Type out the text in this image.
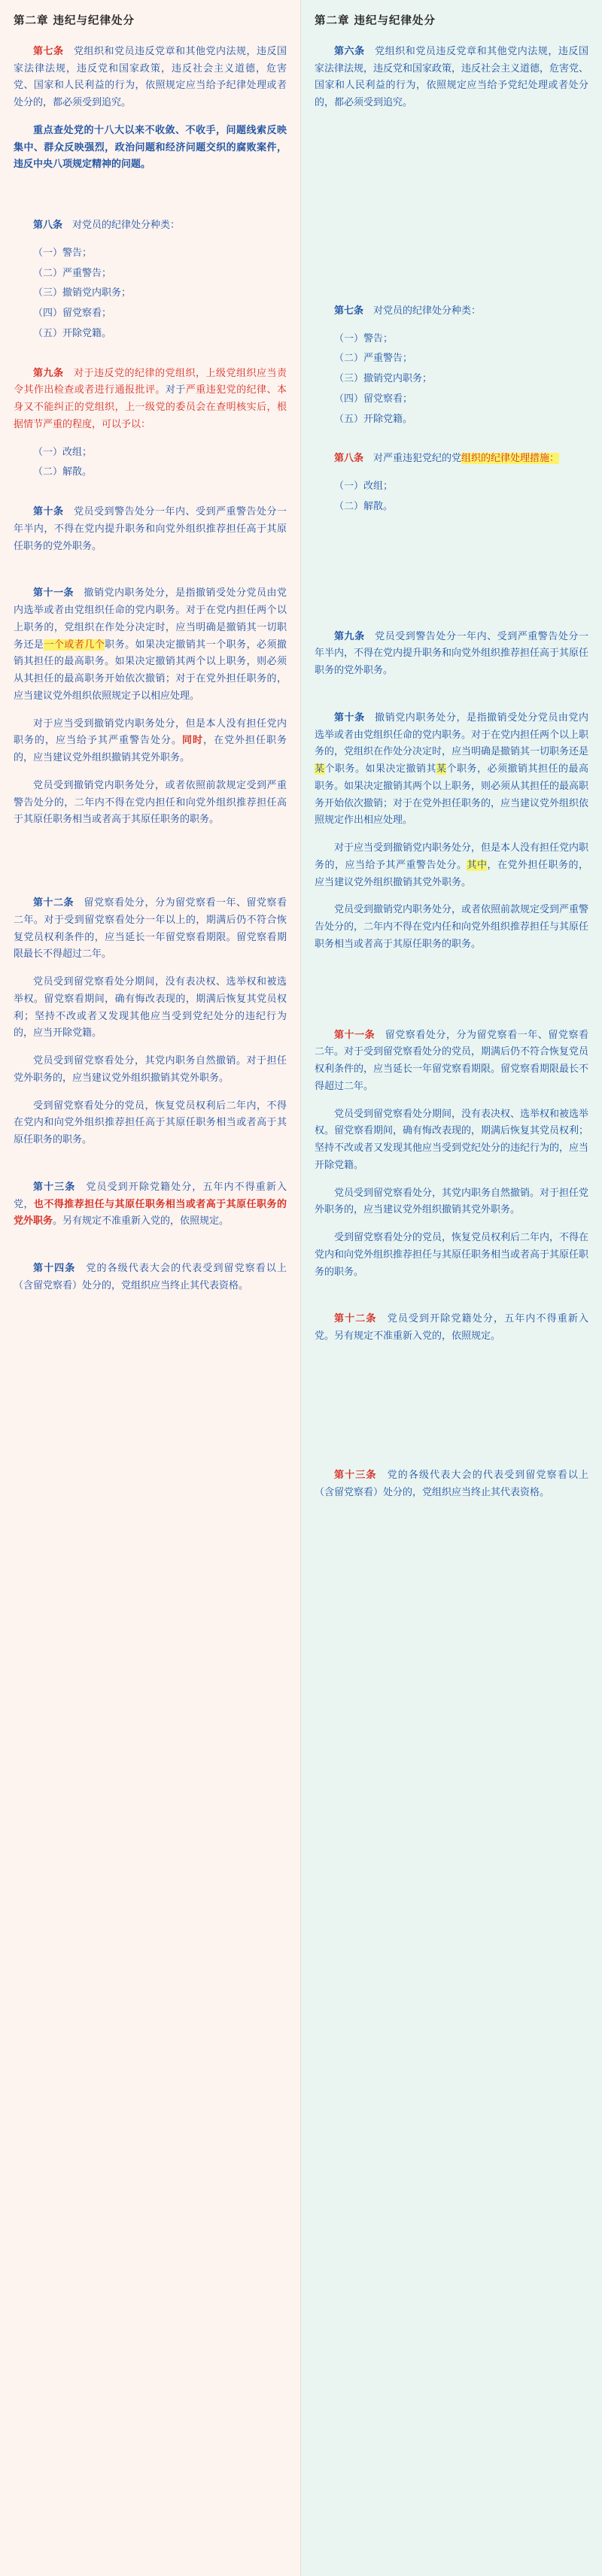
第二章 违纪与纪律处分

第七条　党组织和党员违反党章和其他党内法规，违反国家法律法规，违反党和国家政策，违反社会主义道德，危害党、国家和人民利益的行为，依照规定应当给予纪律处理或者处分的，都必须受到追究。

重点查处党的十八大以来不收敛、不收手，问题线索反映集中、群众反映强烈，政治问题和经济问题交织的腐败案件，违反中央八项规定精神的问题。

第八条　对党员的纪律处分种类：

（一）警告；

（二）严重警告；

（三）撤销党内职务；

（四）留党察看；

（五）开除党籍。

第九条　对于违反党的纪律的党组织，上级党组织应当责令其作出检查或者进行通报批评。对于严重违犯党的纪律、本身又不能纠正的党组织，上一级党的委员会在查明核实后，根据情节严重的程度，可以予以：

（一）改组；

（二）解散。

第十条　党员受到警告处分一年内、受到严重警告处分一年半内，不得在党内提升职务和向党外组织推荐担任高于其原任职务的党外职务。

第十一条　撤销党内职务处分，是指撤销受处分党员由党内选举或者由党组织任命的党内职务。对于在党内担任两个以上职务的，党组织在作处分决定时，应当明确是撤销其一切职务还是一个或者几个职务。如果决定撤销其一个职务，必须撤销其担任的最高职务。如果决定撤销其两个以上职务，则必须从其担任的最高职务开始依次撤销；对于在党外担任职务的，应当建议党外组织依照规定予以相应处理。

对于应当受到撤销党内职务处分，但是本人没有担任党内职务的，应当给予其严重警告处分。同时，在党外担任职务的，应当建议党外组织撤销其党外职务。

党员受到撤销党内职务处分，或者依照前款规定受到严重警告处分的，二年内不得在党内担任和向党外组织推荐担任高于其原任职务相当或者高于其原任职务的职务。

第十二条　留党察看处分，分为留党察看一年、留党察看二年。对于受到留党察看处分一年以上的，期满后仍不符合恢复党员权利条件的，应当延长一年留党察看期限。留党察看期限最长不得超过二年。

党员受到留党察看处分期间，没有表决权、选举权和被选举权。留党察看期间，确有悔改表现的，期满后恢复其党员权利；坚持不改或者又发现其他应当受到党纪处分的违纪行为的，应当开除党籍。

党员受到留党察看处分，其党内职务自然撤销。对于担任党外职务的，应当建议党外组织撤销其党外职务。

受到留党察看处分的党员，恢复党员权利后二年内，不得在党内和向党外组织推荐担任高于其原任职务相当或者高于其原任职务的职务。

第十三条　党员受到开除党籍处分，五年内不得重新入党，也不得推荐担任与其原任职务相当或者高于其原任职务的党外职务。另有规定不准重新入党的，依照规定。

第十四条　党的各级代表大会的代表受到留党察看以上（含留党察看）处分的，党组织应当终止其代表资格。

第二章 违纪与纪律处分

第六条　党组织和党员违反党章和其他党内法规，违反国家法律法规，违反党和国家政策，违反社会主义道德，危害党、国家和人民利益的行为，依照规定应当给予党纪处理或者处分的，都必须受到追究。

第七条　对党员的纪律处分种类：

（一）警告；

（二）严重警告；

（三）撤销党内职务；

（四）留党察看；

（五）开除党籍。

第八条　对严重违犯党纪的党组织的纪律处理措施：

（一）改组；

（二）解散。

第九条　党员受到警告处分一年内、受到严重警告处分一年半内，不得在党内提升职务和向党外组织推荐担任高于其原任职务的党外职务。

第十条　撤销党内职务处分，是指撤销受处分党员由党内选举或者由党组织任命的党内职务。对于在党内担任两个以上职务的，党组织在作处分决定时，应当明确是撤销其一切职务还是某个职务。如果决定撤销其某个职务，必须撤销其担任的最高职务。如果决定撤销其两个以上职务，则必须从其担任的最高职务开始依次撤销；对于在党外担任职务的，应当建议党外组织依照规定作出相应处理。

对于应当受到撤销党内职务处分，但是本人没有担任党内职务的，应当给予其严重警告处分。其中，在党外担任职务的，应当建议党外组织撤销其党外职务。

党员受到撤销党内职务处分，或者依照前款规定受到严重警告处分的，二年内不得在党内任和向党外组织推荐担任与其原任职务相当或者高于其原任职务的职务。

第十一条　留党察看处分，分为留党察看一年、留党察看二年。对于受到留党察看处分的党员，期满后仍不符合恢复党员权利条件的，应当延长一年留党察看期限。留党察看期限最长不得超过二年。

党员受到留党察看处分期间，没有表决权、选举权和被选举权。留党察看期间，确有悔改表现的，期满后恢复其党员权利；坚持不改或者又发现其他应当受到党纪处分的违纪行为的，应当开除党籍。

党员受到留党察看处分，其党内职务自然撤销。对于担任党外职务的，应当建议党外组织撤销其党外职务。

受到留党察看处分的党员，恢复党员权利后二年内，不得在党内和向党外组织推荐担任与其原任职务相当或者高于其原任职务的职务。

第十二条　党员受到开除党籍处分，五年内不得重新入党。另有规定不准重新入党的，依照规定。

第十三条　党的各级代表大会的代表受到留党察看以上（含留党察看）处分的，党组织应当终止其代表资格。
